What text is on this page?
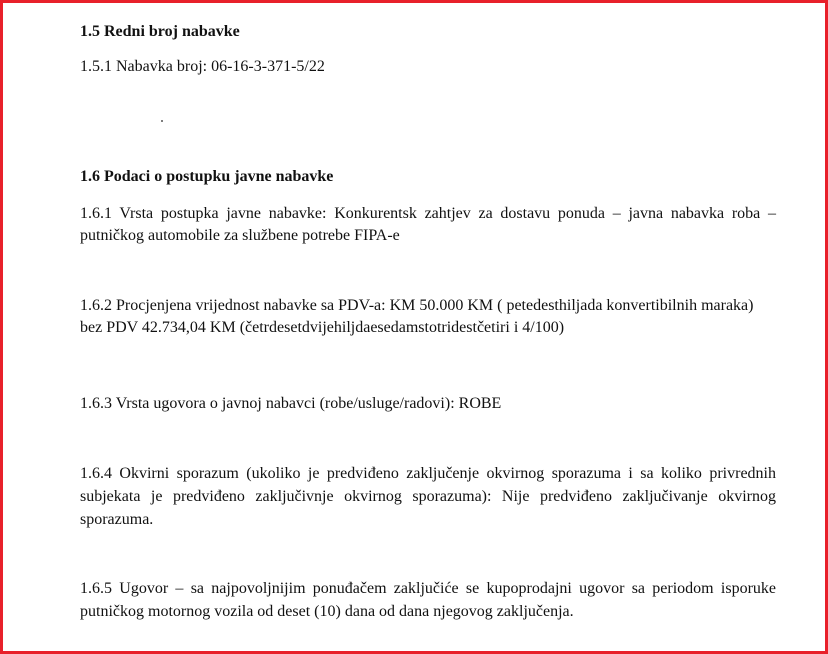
1.5 Redni broj nabavke
1.5.1 Nabavka broj: 06-16-3-371-5/22
1.6 Podaci o postupku javne nabavke
1.6.1 Vrsta postupka javne nabavke: Konkurentsk zahtjev za dostavu ponuda – javna nabavka roba –
putničkog automobile za službene potrebe FIPA-e
1.6.2 Procjenjena vrijednost nabavke sa PDV-a: KM 50.000 KM ( petedesthiljada konvertibilnih maraka)
bez PDV 42.734,04 KM (četrdesetdvijehiljdaesedamstotridestčetiri i 4/100)
1.6.3 Vrsta ugovora o javnoj nabavci (robe/usluge/radovi): ROBE
1.6.4 Okvirni sporazum (ukoliko je predviđeno zaključenje okvirnog sporazuma i sa koliko privrednih
subjekata je predviđeno zaključivnje okvirnog sporazuma): Nije predviđeno zaključivanje okvirnog
sporazuma.
1.6.5 Ugovor – sa najpovoljnijim ponuđačem zaključiće se kupoprodajni ugovor sa periodom isporuke
putničkog motornog vozila od deset (10) dana od dana njegovog zaključenja.
